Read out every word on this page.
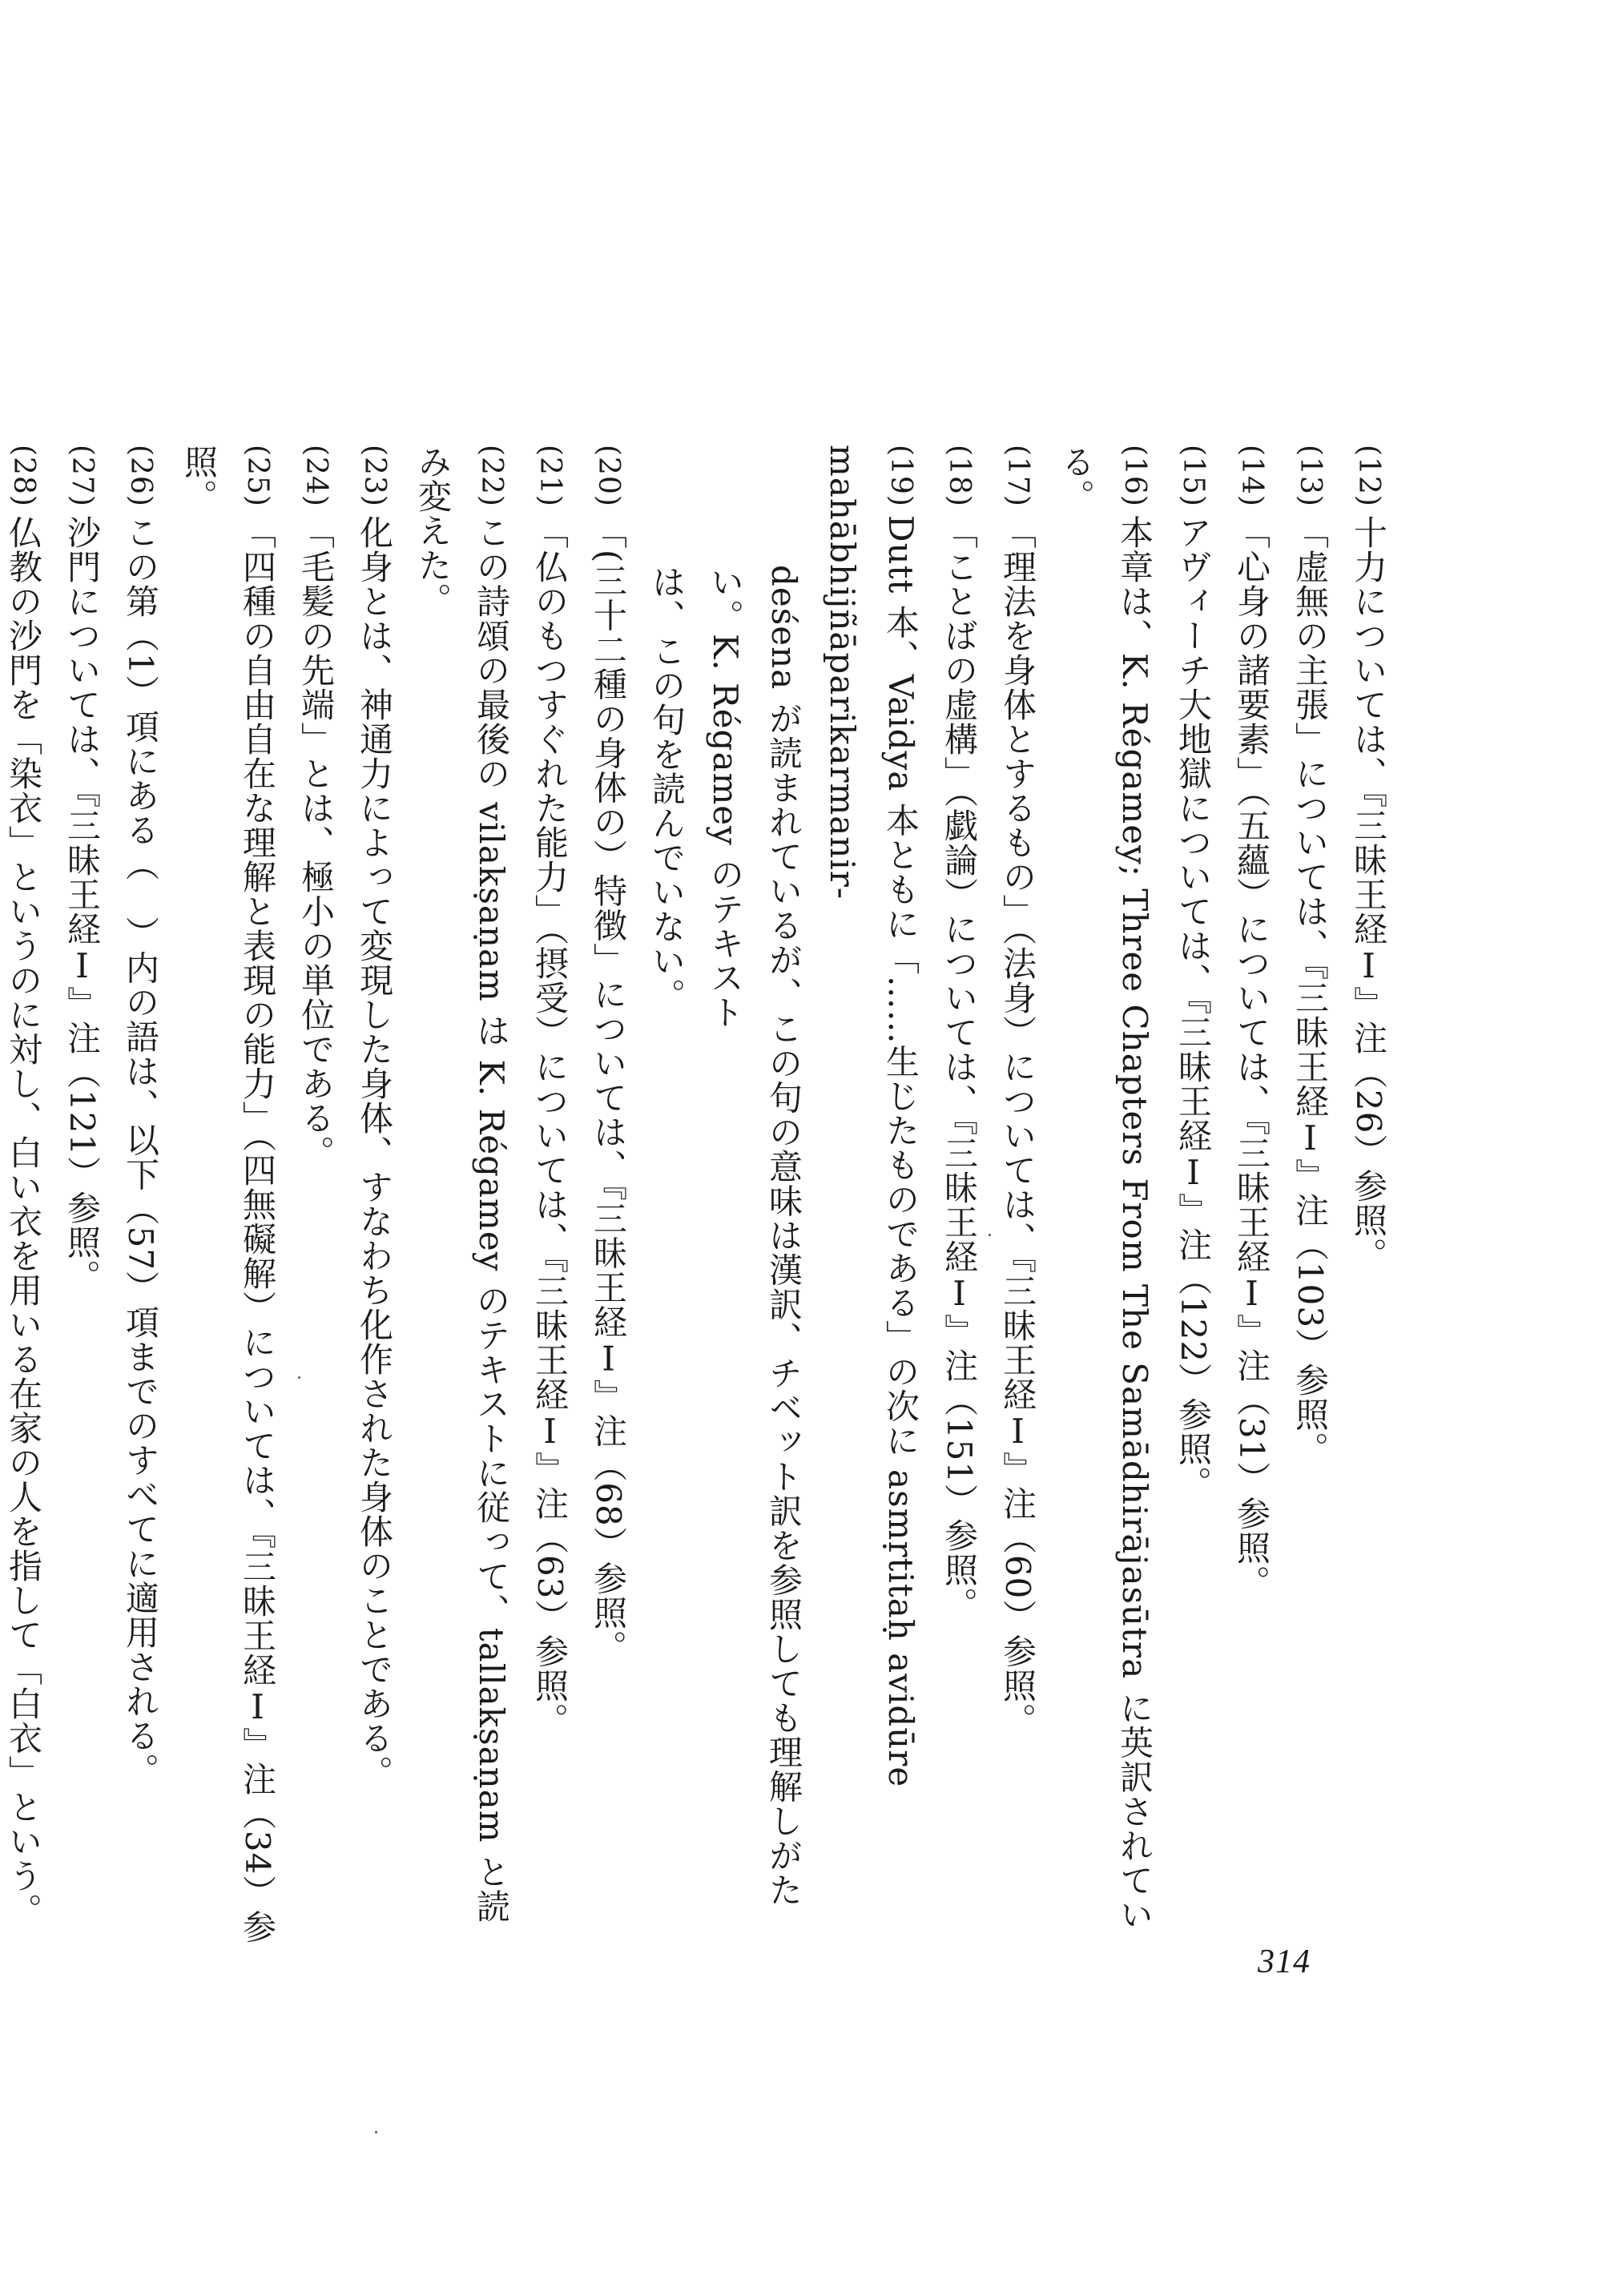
(12)十力については、『三昧王経Ⅰ』注（26）参照。

(13)「虚無の主張」については、『三昧王経Ⅰ』注（103）参照。

(14)「心身の諸要素」（五蘊）については、『三昧王経Ⅰ』注（31）参照。

(15)アヴィーチ大地獄については、『三昧王経Ⅰ』注（122）参照。

(16)本章は、K. Régamey; Three Chapters From The Samādhirājasūtra に英訳されている。

(17)「理法を身体とするもの」（法身）については、『三昧王経Ⅰ』注（60）参照。

(18)「ことばの虚構」（戯論）については、『三昧王経Ⅰ』注（151）参照。

(19)Dutt 本、Vaidya 本ともに「……生じたものである」の次に asmṛtitaḥ avidūre mahābhijñāparikarmanir-

deśena が読まれているが、この句の意味は漢訳、チベット訳を参照しても理解しがたい。K. Régamey のテキスト

は、この句を読んでいない。

(20)「(三十二種の身体の）特徴」については、『三昧王経Ⅰ』注（68）参照。

(21)「仏のもつすぐれた能力」（摂受）については、『三昧王経Ⅰ』注（63）参照。

(22)この詩頌の最後の vilakṣaṇam は K. Régamey のテキストに従って、tallakṣaṇam と読み変えた。

(23)化身とは、神通力によって変現した身体、すなわち化作された身体のことである。

(24)「毛髪の先端」とは、極小の単位である。

(25)「四種の自由自在な理解と表現の能力」（四無礙解）については、『三昧王経Ⅰ』注（34）参照。

(26)この第（1）項にある（　）内の語は、以下（57）項までのすべてに適用される。

(27)沙門については、『三昧王経Ⅰ』注（121）参照。

(28)仏教の沙門を「染衣」というのに対し、白い衣を用いる在家の人を指して「白衣」という。

314
